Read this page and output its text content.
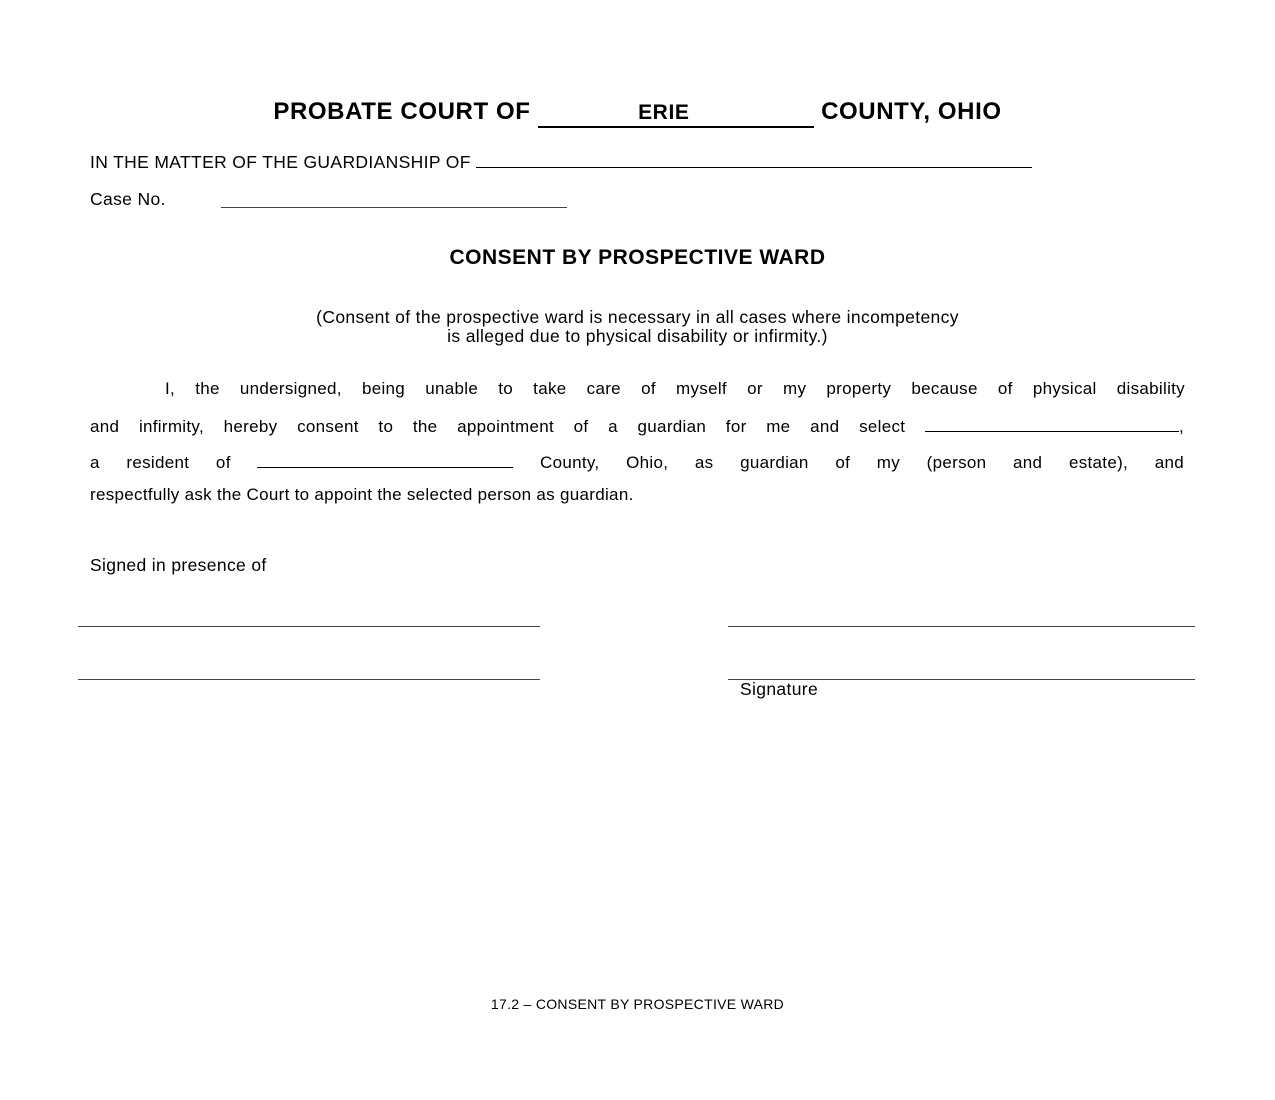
PROBATE COURT OF	ERIE	COUNTY, OHIO
IN THE MATTER OF THE GUARDIANSHIP OF
Case No.
CONSENT BY PROSPECTIVE WARD
(Consent of the prospective ward is necessary in all cases where incompetency
is alleged due to physical disability or infirmity.)
I, the undersigned, being unable to take care of myself or my property because of physical disability
and infirmity, hereby consent to the appointment of a guardian for me and select	,
a resident of	County, Ohio, as guardian of my (person and estate), and
respectfully ask the Court to appoint the selected person as guardian.
Signed in presence of
Signature
17.2 – CONSENT BY PROSPECTIVE WARD
